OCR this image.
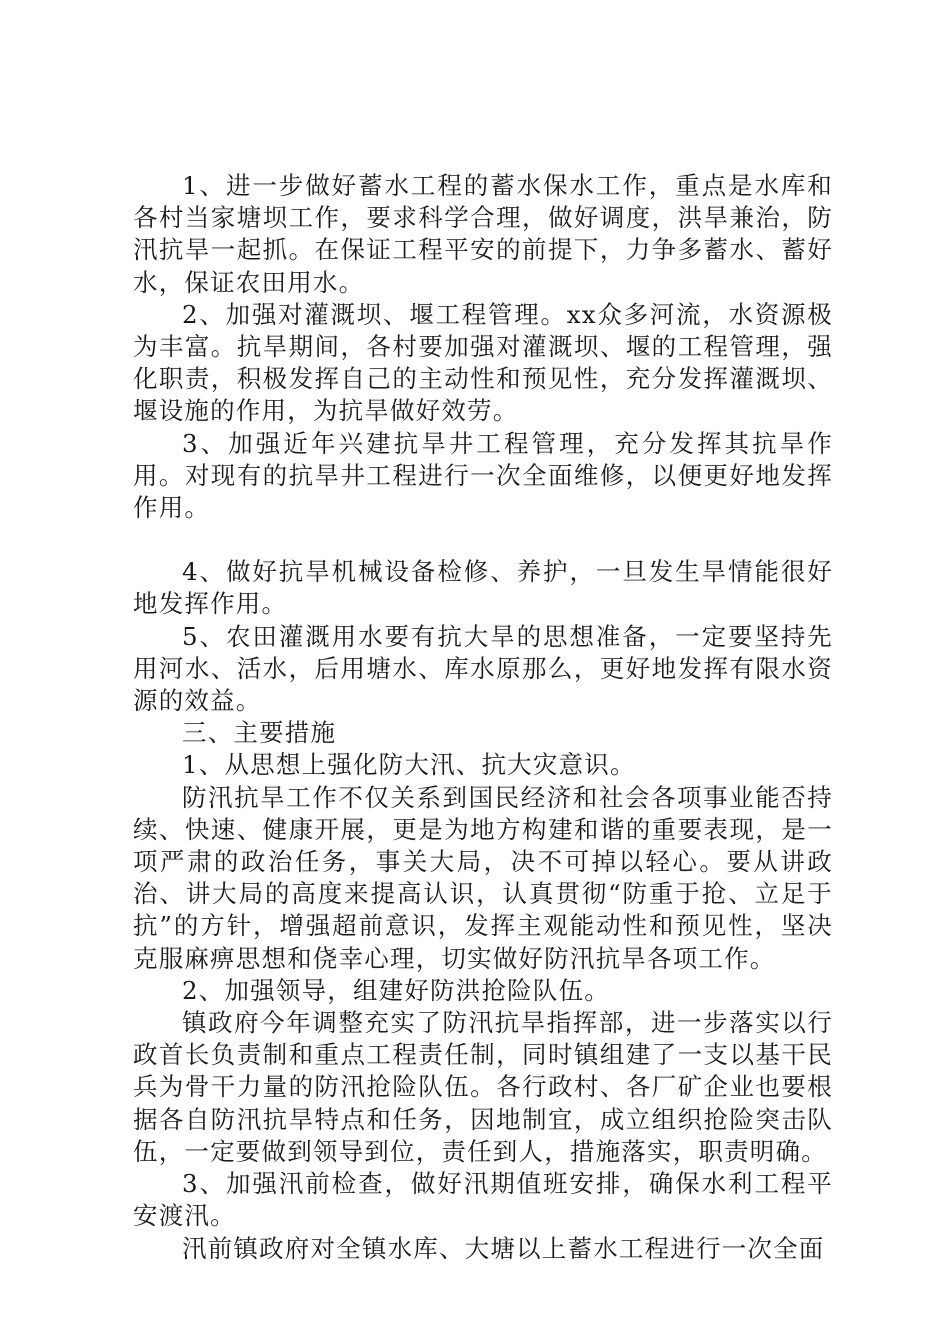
1、进一步做好蓄水工程的蓄水保水工作，重点是水库和各村当家塘坝工作，要求科学合理，做好调度，洪旱兼治，防汛抗旱一起抓。在保证工程平安的前提下，力争多蓄水、蓄好水，保证农田用水。

2、加强对灌溉坝、堰工程管理。xx众多河流，水资源极为丰富。抗旱期间，各村要加强对灌溉坝、堰的工程管理，强化职责，积极发挥自己的主动性和预见性，充分发挥灌溉坝、堰设施的作用，为抗旱做好效劳。

3、加强近年兴建抗旱井工程管理，充分发挥其抗旱作用。对现有的抗旱井工程进行一次全面维修，以便更好地发挥作用。

4、做好抗旱机械设备检修、养护，一旦发生旱情能很好地发挥作用。

5、农田灌溉用水要有抗大旱的思想准备，一定要坚持先用河水、活水，后用塘水、库水原那么，更好地发挥有限水资源的效益。

三、主要措施

1、从思想上强化防大汛、抗大灾意识。

防汛抗旱工作不仅关系到国民经济和社会各项事业能否持续、快速、健康开展，更是为地方构建和谐的重要表现，是一项严肃的政治任务，事关大局，决不可掉以轻心。要从讲政治、讲大局的高度来提高认识，认真贯彻“防重于抢、立足于抗”的方针，增强超前意识，发挥主观能动性和预见性，坚决克服麻痹思想和侥幸心理，切实做好防汛抗旱各项工作。

2、加强领导，组建好防洪抢险队伍。

镇政府今年调整充实了防汛抗旱指挥部，进一步落实以行政首长负责制和重点工程责任制，同时镇组建了一支以基干民兵为骨干力量的防汛抢险队伍。各行政村、各厂矿企业也要根据各自防汛抗旱特点和任务，因地制宜，成立组织抢险突击队伍，一定要做到领导到位，责任到人，措施落实，职责明确。

3、加强汛前检查，做好汛期值班安排，确保水利工程平安渡汛。

汛前镇政府对全镇水库、大塘以上蓄水工程进行一次全面
